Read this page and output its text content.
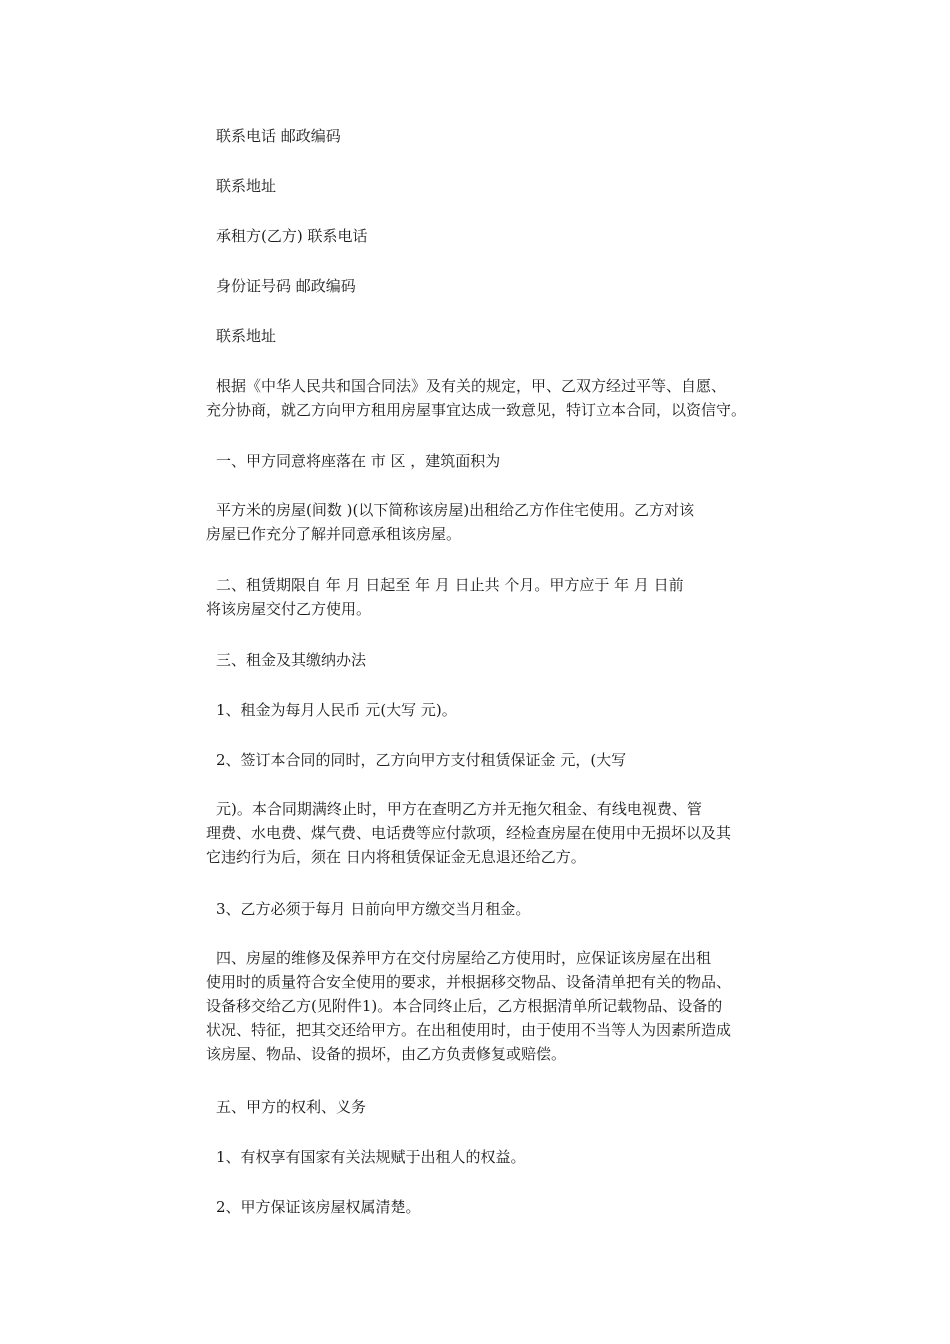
联系电话 邮政编码

联系地址

承租方(乙方) 联系电话

身份证号码 邮政编码

联系地址

根据《中华人民共和国合同法》及有关的规定，甲、乙双方经过平等、自愿、
充分协商，就乙方向甲方租用房屋事宜达成一致意见，特订立本合同，以资信守。

一、甲方同意将座落在 市 区 ，建筑面积为

平方米的房屋(间数 )(以下简称该房屋)出租给乙方作住宅使用。乙方对该
房屋已作充分了解并同意承租该房屋。

二、租赁期限自 年 月 日起至 年 月 日止共 个月。甲方应于 年 月 日前
将该房屋交付乙方使用。

三、租金及其缴纳办法

1、租金为每月人民币 元(大写 元)。

2、签订本合同的同时，乙方向甲方支付租赁保证金 元，(大写

元)。本合同期满终止时，甲方在查明乙方并无拖欠租金、有线电视费、管
理费、水电费、煤气费、电话费等应付款项，经检查房屋在使用中无损坏以及其
它违约行为后，须在 日内将租赁保证金无息退还给乙方。

3、乙方必须于每月 日前向甲方缴交当月租金。

四、房屋的维修及保养甲方在交付房屋给乙方使用时，应保证该房屋在出租
使用时的质量符合安全使用的要求，并根据移交物品、设备清单把有关的物品、
设备移交给乙方(见附件1)。本合同终止后，乙方根据清单所记载物品、设备的
状况、特征，把其交还给甲方。在出租使用时，由于使用不当等人为因素所造成
该房屋、物品、设备的损坏，由乙方负责修复或赔偿。

五、甲方的权利、义务

1、有权享有国家有关法规赋于出租人的权益。

2、甲方保证该房屋权属清楚。
